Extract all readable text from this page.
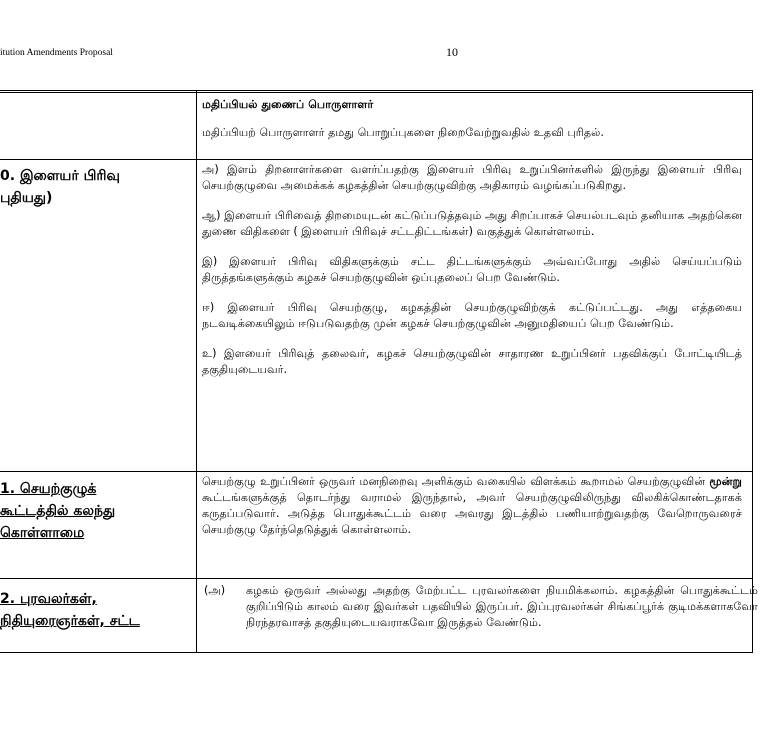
itution Amendments Proposal	10

மதிப்பியல் துணைப் பொருளாளர்

மதிப்பியற் பொருளாளர் தமது பொறுப்புகளை நிறைவேற்றுவதில் உதவி புரிதல்.

0. இளையர் பிரிவு
புதியது)

அ) இளம் திறனாளர்களை வளர்ப்பதற்கு இளையர் பிரிவு உறுப்பினர்களில் இருந்து இளையர் பிரிவு செயற்குழுவை அமைக்கக் கழகத்தின் செயற்குழுவிற்கு அதிகாரம் வழங்கப்படுகிறது.

ஆ) இளையர் பிரிவைத் திறமையுடன் கட்டுப்படுத்தவும் அது சிறப்பாகச் செயல்படவும் தனியாக அதற்கென துணை விதிகளை ( இளையர் பிரிவுச் சட்டதிட்டங்கள்) வகுத்துக் கொள்ளலாம்.

இ) இளையர் பிரிவு விதிகளுக்கும் சட்ட திட்டங்களுக்கும் அவ்வப்போது அதில் செய்யப்படும் திருத்தங்களுக்கும் கழகச் செயற்குழுவின் ஒப்புதலைப் பெற வேண்டும்.

ஈ) இளையர் பிரிவு செயற்குழு, கழகத்தின் செயற்குழுவிற்குக் கட்டுப்பட்டது. அது எத்தகைய நடவடிக்கையிலும் ஈடுபடுவதற்கு முன் கழகச் செயற்குழுவின் அனுமதியைப் பெற வேண்டும்.

உ) இளயைர் பிரிவுத் தலைவர், கழகச் செயற்குழுவின் சாதாரண உறுப்பினர் பதவிக்குப் போட்டியிடத் தகுதியுடையவர்.

1. செயற்குழுக்
கூட்டத்தில் கலந்து
கொள்ளாமை

செயற்குழு உறுப்பினர் ஒருவர் மனநிறைவு அளிக்கும் வகையில் விளக்கம் கூறாமல் செயற்குழுவின் மூன்று கூட்டங்களுக்குத் தொடர்ந்து வராமல் இருந்தால், அவர் செயற்குழுவிலிருந்து விலகிக்கொண்டதாகக் கருதப்படுவார். அடுத்த பொதுக்கூட்டம் வரை அவரது இடத்தில் பணியாற்றுவதற்கு வேறொருவரைச் செயற்குழு தேர்ந்தெடுத்துக் கொள்ளலாம்.

2. புரவலர்கள்,
நிதியுரைஞர்கள், சட்ட
(அ)	கழகம் ஒருவர் அல்லது அதற்கு மேற்பட்ட புரவலர்களை நியமிக்கலாம். கழகத்தின் பொதுக்கூட்டம் குறிப்பிடும் காலம் வரை இவர்கள் பதவியில் இருப்பர். இப்புரவலர்கள் சிங்கப்பூர்க் குடிமக்களாகவோ நிரந்தரவாசத் தகுதியுடையவராகவோ இருத்தல் வேண்டும்.
